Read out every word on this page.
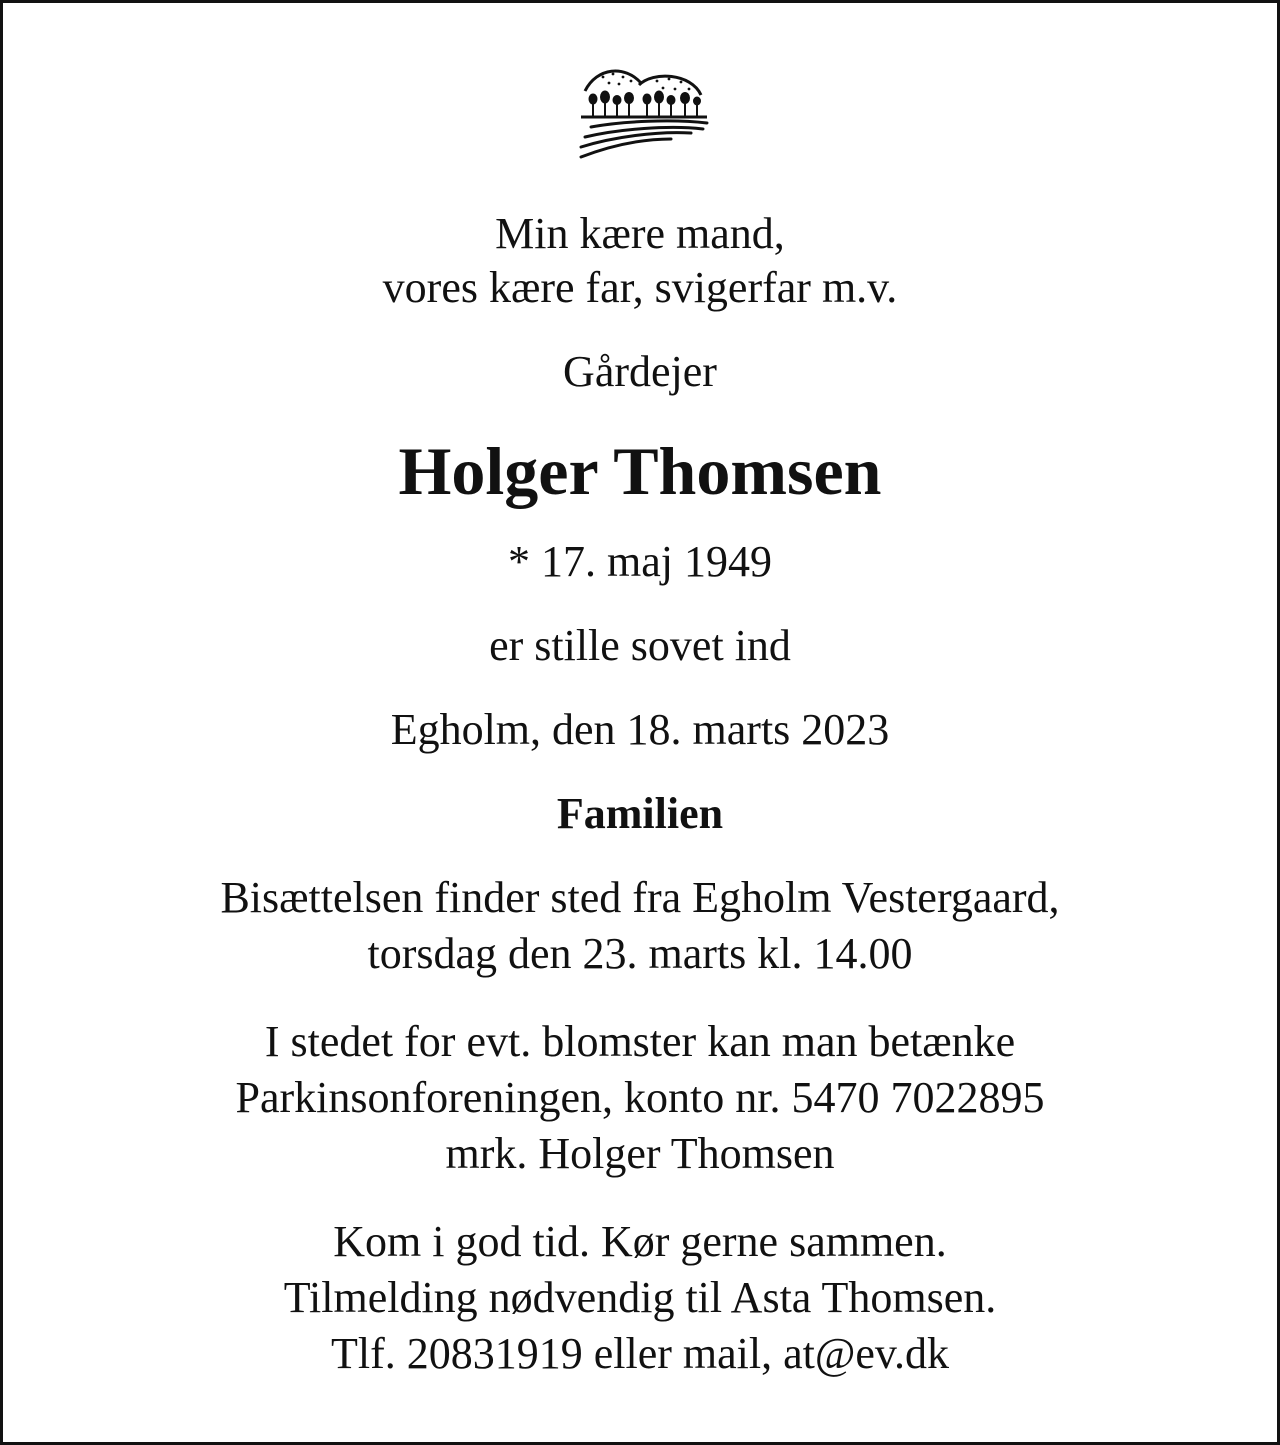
Min kære mand,
vores kære far, svigerfar m.v.
Gårdejer
Holger Thomsen
* 17. maj 1949
er stille sovet ind
Egholm, den 18. marts 2023
Familien
Bisættelsen finder sted fra Egholm Vestergaard,
torsdag den 23. marts kl. 14.00
I stedet for evt. blomster kan man betænke
Parkinsonforeningen, konto nr. 5470 7022895
mrk. Holger Thomsen
Kom i god tid. Kør gerne sammen.
Tilmelding nødvendig til Asta Thomsen.
Tlf. 20831919 eller mail, at@ev.dk
